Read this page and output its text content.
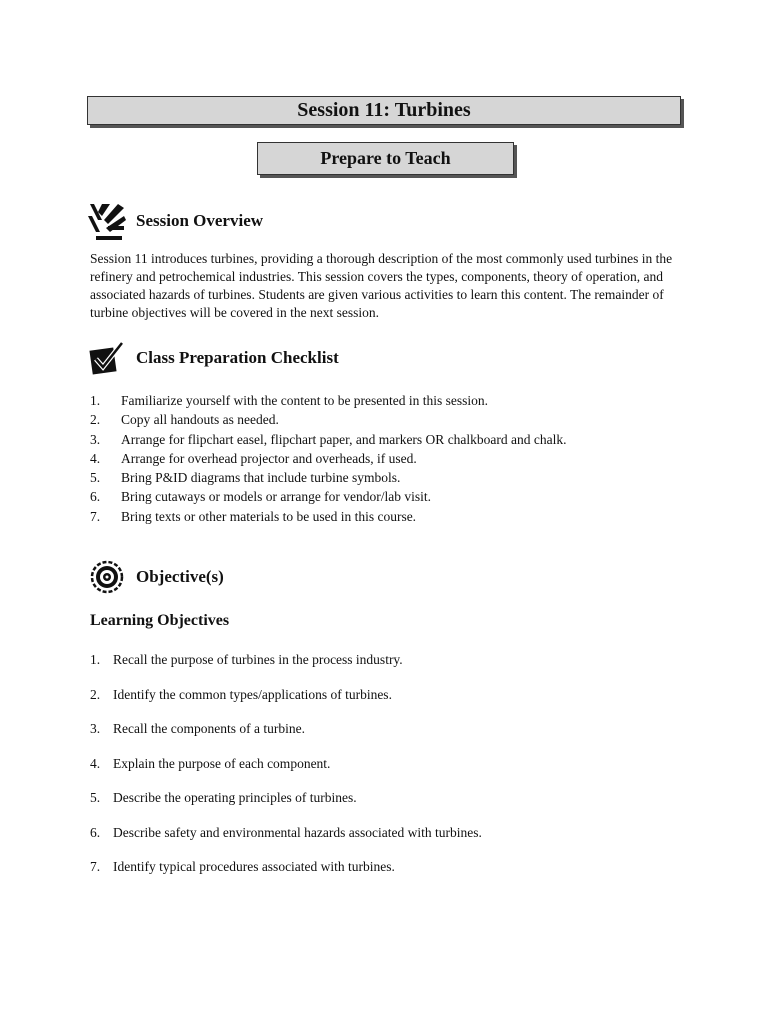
Session 11: Turbines
Prepare to Teach
Session Overview

Session 11 introduces turbines, providing a thorough description of the most commonly used turbines in the refinery and petrochemical industries. This session covers the types, components, theory of operation, and associated hazards of turbines. Students are given various activities to learn this content. The remainder of turbine objectives will be covered in the next session.

Class Preparation Checklist
1.	Familiarize yourself with the content to be presented in this session.
2.	Copy all handouts as needed.
3.	Arrange for flipchart easel, flipchart paper, and markers OR chalkboard and chalk.
4.	Arrange for overhead projector and overheads, if used.
5.	Bring P&ID diagrams that include turbine symbols.
6.	Bring cutaways or models or arrange for vendor/lab visit.
7.	Bring texts or other materials to be used in this course.
Objective(s)
Learning Objectives
1. Recall the purpose of turbines in the process industry.
2. Identify the common types/applications of turbines.
3. Recall the components of a turbine.
4. Explain the purpose of each component.
5. Describe the operating principles of turbines.
6. Describe safety and environmental hazards associated with turbines.
7. Identify typical procedures associated with turbines.
